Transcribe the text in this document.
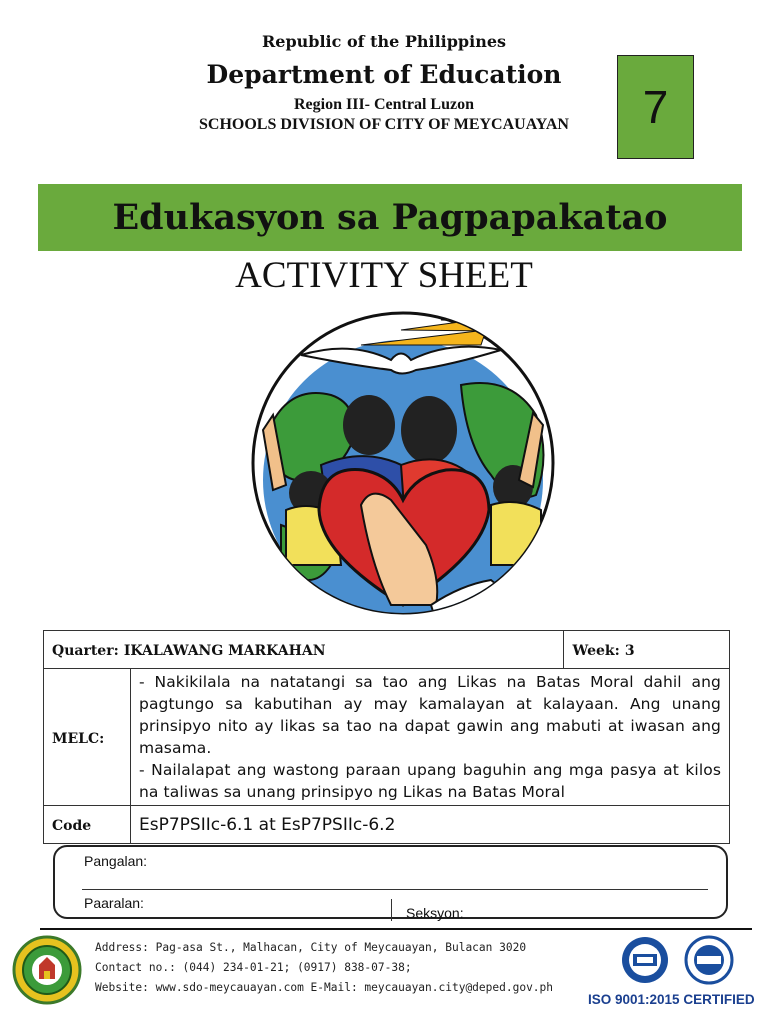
Republic of the Philippines
Department of Education
Region III- Central Luzon
SCHOOLS DIVISION OF CITY OF MEYCAUAYAN	7
Edukasyon sa Pagpapakatao
ACTIVITY SHEET
Quarter: IKALAWANG MARKAHAN		Week: 3
MELC:	- Nakikilala na natatangi sa tao ang Likas na Batas Moral dahil ang pagtungo sa kabutihan ay may kamalayan at kalayaan. Ang unang prinsipyo nito ay likas sa tao na dapat gawin ang mabuti at iwasan ang masama.
- Nailalapat ang wastong paraan upang baguhin ang mga pasya at kilos na taliwas sa unang prinsipyo ng Likas na Batas Moral	

Code	EsP7PSIIc-6.1 at EsP7PSIIc-6.2	
Pangalan:
Paaralan:
Seksyon:
Address: Pag-asa St., Malhacan, City of Meycauayan, Bulacan 3020
Contact no.: (044) 234-01-21; (0917) 838-07-38;
Website: www.sdo-meycauayan.com E-Mail: meycauayan.city@deped.gov.ph
ISO 9001:2015 CERTIFIED
